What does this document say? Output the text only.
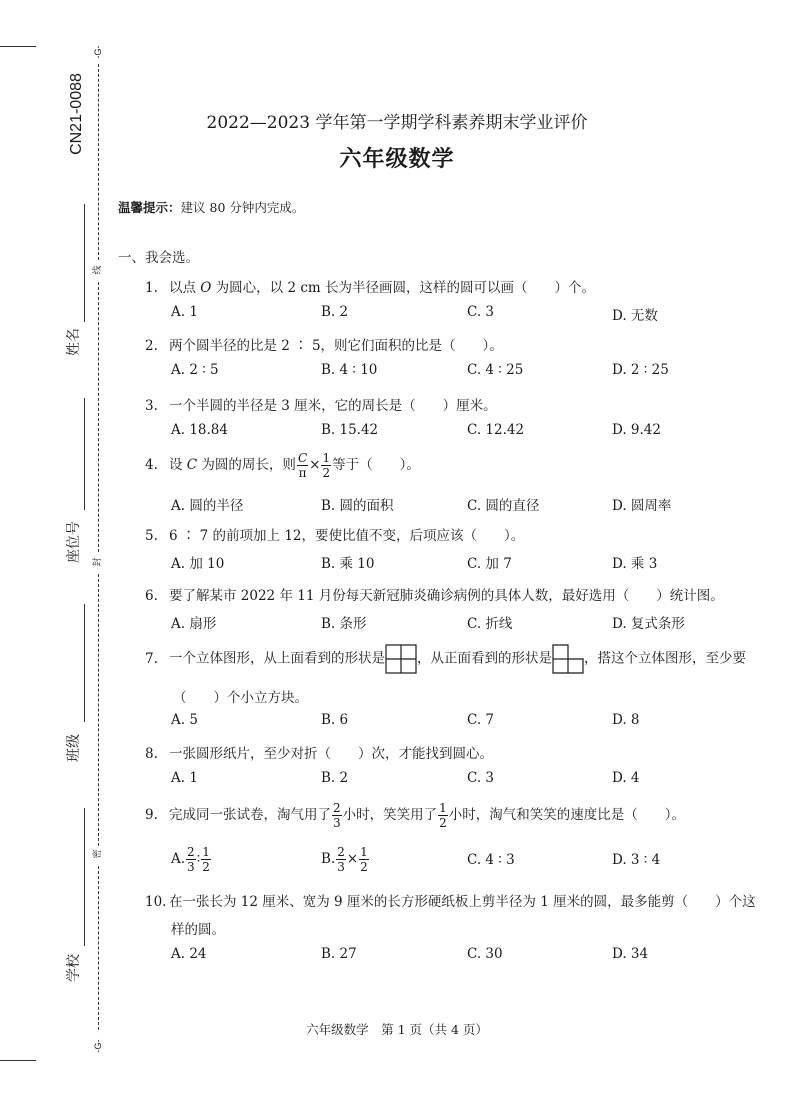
CN21-0088
-G-
线
封
密
-G-
姓名
座位号
班级
学校
2022—2023 学年第一学期学科素养期末学业评价
六年级数学
温馨提示：建议 80 分钟内完成。
一、我会选。
1. 以点 O 为圆心，以 2 cm 长为半径画圆，这样的圆可以画（　　）个。
A. 1	B. 2	C. 3	D. 无数
2. 两个圆半径的比是 2 ∶ 5，则它们面积的比是（　　）。
A. 2 ∶ 5	B. 4 ∶ 10	C. 4 ∶ 25	D. 2 ∶ 25
3. 一个半圆的半径是 3 厘米，它的周长是（　　）厘米。
A. 18.84	B. 15.42	C. 12.42	D. 9.42
4. 设 C 为圆的周长，则 $\frac{C}{\pi} \times \frac{1}{2}$ 等于（　　）。
A. 圆的半径	B. 圆的面积	C. 圆的直径	D. 圆周率
5. 6 ∶ 7 的前项加上 12，要使比值不变，后项应该（　　）。
A. 加 10	B. 乘 10	C. 加 7	D. 乘 3
6. 要了解某市 2022 年 11 月份每天新冠肺炎确诊病例的具体人数，最好选用（　　）统计图。
A. 扇形	B. 条形	C. 折线	D. 复式条形
7. 一个立体图形，从上面看到的形状是 ，从正面看到的形状是 ，搭这个立体图形，至少要
（　　）个小立方块。
A. 5	B. 6	C. 7	D. 8
8. 一张圆形纸片，至少对折（　　）次，才能找到圆心。
A. 1	B. 2	C. 3	D. 4
9. 完成同一张试卷，淘气用了 $\frac{2}{3}$ 小时，笑笑用了 $\frac{1}{2}$ 小时，淘气和笑笑的速度比是（　　）。
A. $\frac{2}{3}$ ∶ $\frac{1}{2}$	B. $\frac{2}{3} \times \frac{1}{2}$	C. 4 ∶ 3	D. 3 ∶ 4
10. 在一张长为 12 厘米、宽为 9 厘米的长方形硬纸板上剪半径为 1 厘米的圆，最多能剪（　　）个这
样的圆。
A. 24	B. 27	C. 30	D. 34
六年级数学　第 1 页（共 4 页）
